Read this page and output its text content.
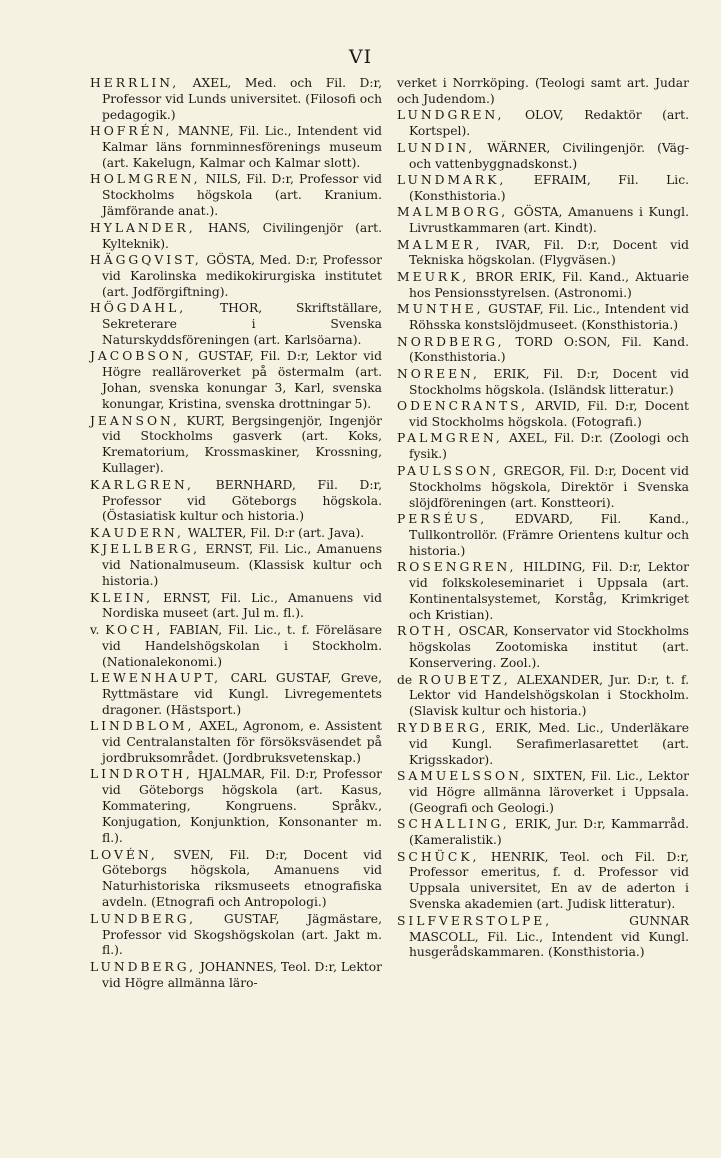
VI

HERRLIN, AXEL, Med. och Fil. D:r, Professor vid Lunds universitet. (Filosofi och pedagogik.)

HOFRÉN, MANNE, Fil. Lic., Intendent vid Kalmar läns fornminnesförenings museum (art. Kakelugn, Kalmar och Kalmar slott).

HOLMGREN, NILS, Fil. D:r, Professor vid Stockholms högskola (art. Kranium. Jämförande anat.).

HYLANDER, HANS, Civilingenjör (art. Kylteknik).

HÄGGQVIST, GÖSTA, Med. D:r, Professor vid Karolinska medikokirurgiska institutet (art. Jodförgiftning).

HÖGDAHL, THOR, Skriftställare, Sekreterare i Svenska Naturskyddsföreningen (art. Karlsöarna).

JACOBSON, GUSTAF, Fil. D:r, Lektor vid Högre realläroverket på östermalm (art. Johan, svenska konungar 3, Karl, svenska konungar, Kristina, svenska drottningar 5).

JEANSON, KURT, Bergsingenjör, Ingenjör vid Stockholms gasverk (art. Koks, Krematorium, Krossmaskiner, Krossning, Kullager).

KARLGREN, BERNHARD, Fil. D:r, Professor vid Göteborgs högskola. (Östasiatisk kultur och historia.)

KAUDERN, WALTER, Fil. D:r (art. Java).

KJELLBERG, ERNST, Fil. Lic., Amanuens vid Nationalmuseum. (Klassisk kultur och historia.)

KLEIN, ERNST, Fil. Lic., Amanuens vid Nordiska museet (art. Jul m. fl.).

v. KOCH, FABIAN, Fil. Lic., t. f. Föreläsare vid Handelshögskolan i Stockholm. (Nationalekonomi.)

LEWENHAUPT, CARL GUSTAF, Greve, Ryttmästare vid Kungl. Livregementets dragoner. (Hästsport.)

LINDBLOM, AXEL, Agronom, e. Assistent vid Centralanstalten för försöksväsendet på jordbruksområdet. (Jordbruksvetenskap.)

LINDROTH, HJALMAR, Fil. D:r, Professor vid Göteborgs högskola (art. Kasus, Kommatering, Kongruens. Språkv., Konjugation, Konjunktion, Konsonanter m. fl.).

LOVÉN, SVEN, Fil. D:r, Docent vid Göteborgs högskola, Amanuens vid Naturhistoriska riksmuseets etnografiska avdeln. (Etnografi och Antropologi.)

LUNDBERG, GUSTAF, Jägmästare, Professor vid Skogshögskolan (art. Jakt m. fl.).

LUNDBERG, JOHANNES, Teol. D:r, Lektor vid Högre allmänna läro-

verket i Norrköping. (Teologi samt art. Judar och Judendom.)

LUNDGREN, OLOV, Redaktör (art. Kortspel).

LUNDIN, WÄRNER, Civilingenjör. (Väg- och vattenbyggnadskonst.)

LUNDMARK, EFRAIM, Fil. Lic. (Konsthistoria.)

MALMBORG, GÖSTA, Amanuens i Kungl. Livrustkammaren (art. Kindt).

MALMER, IVAR, Fil. D:r, Docent vid Tekniska högskolan. (Flygväsen.)

MEURK, BROR ERIK, Fil. Kand., Aktuarie hos Pensionsstyrelsen. (Astronomi.)

MUNTHE, GUSTAF, Fil. Lic., Intendent vid Röhsska konstslöjdmuseet. (Konsthistoria.)

NORDBERG, TORD O:SON, Fil. Kand. (Konsthistoria.)

NOREEN, ERIK, Fil. D:r, Docent vid Stockholms högskola. (Isländsk litteratur.)

ODENCRANTS, ARVID, Fil. D:r, Docent vid Stockholms högskola. (Fotografi.)

PALMGREN, AXEL, Fil. D:r. (Zoologi och fysik.)

PAULSSON, GREGOR, Fil. D:r, Docent vid Stockholms högskola, Direktör i Svenska slöjdföreningen (art. Konstteori).

PERSÉUS, EDVARD, Fil. Kand., Tullkontrollör. (Främre Orientens kultur och historia.)

ROSENGREN, HILDING, Fil. D:r, Lektor vid folkskoleseminariet i Uppsala (art. Kontinentalsystemet, Korståg, Krimkriget och Kristian).

ROTH, OSCAR, Konservator vid Stockholms högskolas Zootomiska institut (art. Konservering. Zool.).

de ROUBETZ, ALEXANDER, Jur. D:r, t. f. Lektor vid Handelshögskolan i Stockholm. (Slavisk kultur och historia.)

RYDBERG, ERIK, Med. Lic., Underläkare vid Kungl. Serafimerlasarettet (art. Krigsskador).

SAMUELSSON, SIXTEN, Fil. Lic., Lektor vid Högre allmänna läroverket i Uppsala. (Geografi och Geologi.)

SCHALLING, ERIK, Jur. D:r, Kammarråd. (Kameralistik.)

SCHÜCK, HENRIK, Teol. och Fil. D:r, Professor emeritus, f. d. Professor vid Uppsala universitet, En av de aderton i Svenska akademien (art. Judisk litteratur).

SILFVERSTOLPE, GUNNAR MASCOLL, Fil. Lic., Intendent vid Kungl. husgerådskammaren. (Konsthistoria.)
